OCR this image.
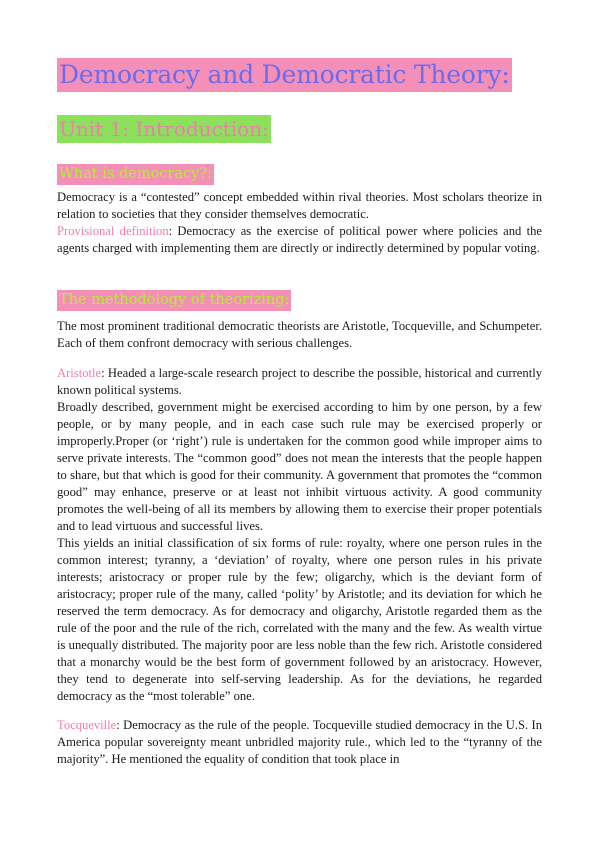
Democracy and Democratic Theory:
Unit 1: Introduction:
What is democracy?:

Democracy is a “contested” concept embedded within rival theories. Most scholars theorize in relation to societies that they consider themselves democratic.

Provisional definition: Democracy as the exercise of political power where policies and the agents charged with implementing them are directly or indirectly determined by popular voting.

The methodology of theorizing:

The most prominent traditional democratic theorists are Aristotle, Tocqueville, and Schumpeter. Each of them confront democracy with serious challenges.

Aristotle: Headed a large-scale research project to describe the possible, historical and currently known political systems.

Broadly described, government might be exercised according to him by one person, by a few people, or by many people, and in each case such rule may be exercised properly or improperly.Proper (or ‘right’) rule is undertaken for the common good while improper aims to serve private interests. The “common good” does not mean the interests that the people happen to share, but that which is good for their community. A government that promotes the “common good” may enhance, preserve or at least not inhibit virtuous activity. A good community promotes the well-being of all its members by allowing them to exercise their proper potentials and to lead virtuous and successful lives.

This yields an initial classification of six forms of rule: royalty, where one person rules in the common interest; tyranny, a ‘deviation’ of royalty, where one person rules in his private interests; aristocracy or proper rule by the few; oligarchy, which is the deviant form of aristocracy; proper rule of the many, called ‘polity’ by Aristotle; and its deviation for which he reserved the term democracy. As for democracy and oligarchy, Aristotle regarded them as the rule of the poor and the rule of the rich, correlated with the many and the few. As wealth virtue is unequally distributed. The majority poor are less noble than the few rich. Aristotle considered that a monarchy would be the best form of government followed by an aristocracy. However, they tend to degenerate into self-serving leadership. As for the deviations, he regarded democracy as the “most tolerable” one.

Tocqueville: Democracy as the rule of the people. Tocqueville studied democracy in the U.S. In America popular sovereignty meant unbridled majority rule., which led to the “tyranny of the majority”. He mentioned the equality of condition that took place in
